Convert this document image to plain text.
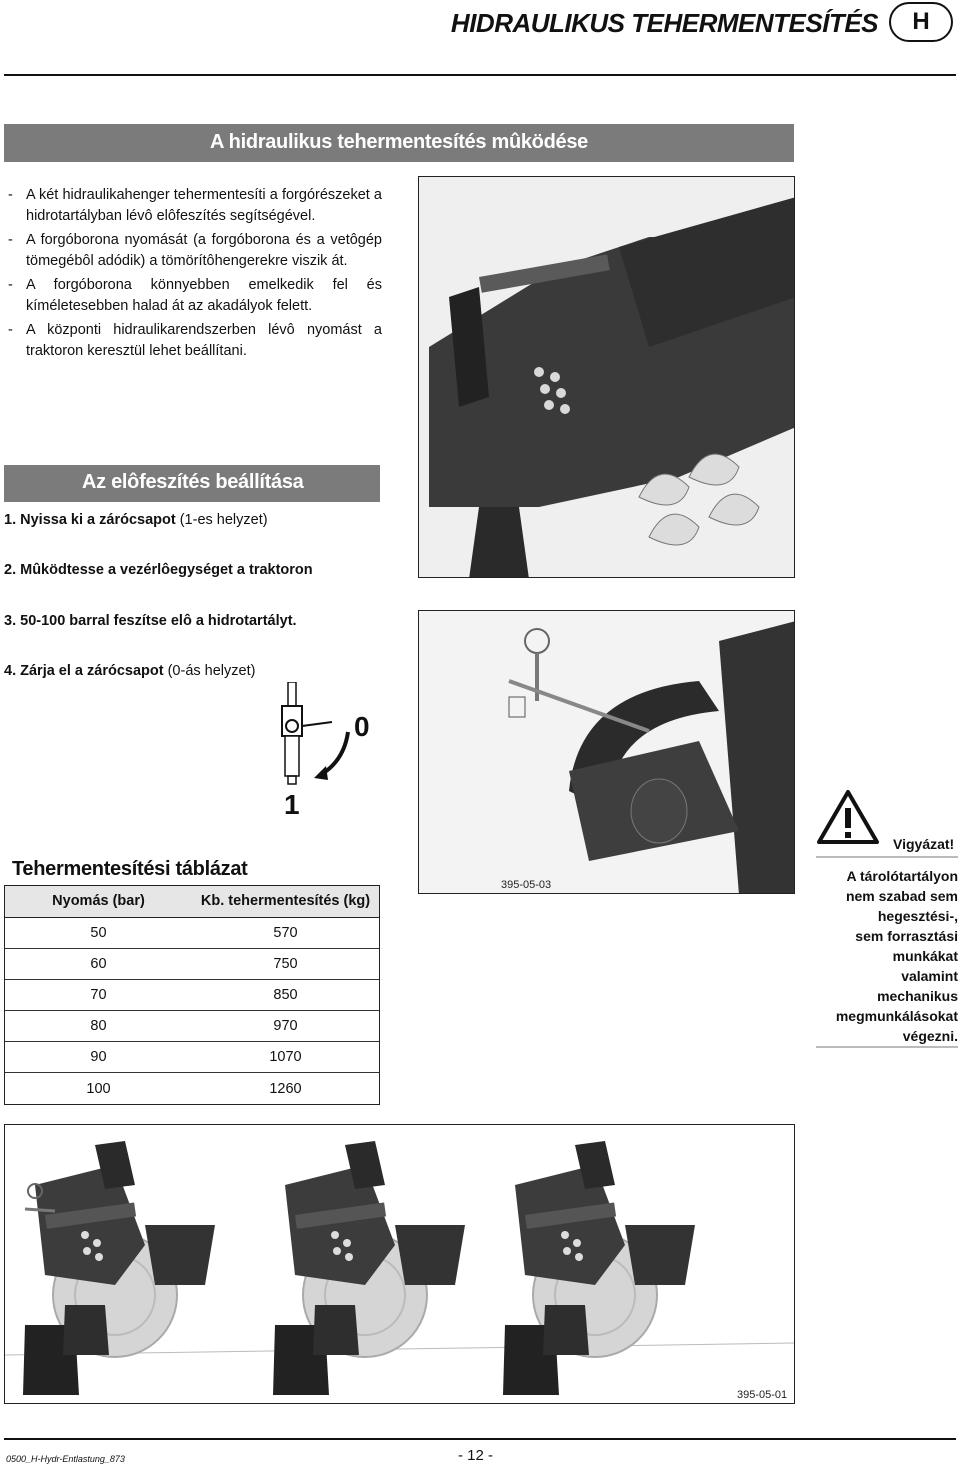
HIDRAULIKUS TEHERMENTESÍTÉS	H
A hidraulikus tehermentesítés mûködése
- A két hidraulikahenger tehermentesíti a forgórészeket a hidrotartályban lévô elôfeszítés segítségével.
- A forgóborona nyomását (a forgóborona és a vetôgép tömegébôl adódik) a tömörítôhengerekre viszik át.
- A forgóborona könnyebben emelkedik fel és kíméletesebben halad át az akadályok felett.
- A központi hidraulikarendszerben lévô nyomást a traktoron keresztül lehet beállítani.
Az elôfeszítés beállítása
1. Nyissa ki a zárócsapot (1-es helyzet)
2. Mûködtesse a vezérlôegységet a traktoron
3. 50-100 barral feszítse elô a hidrotartályt.
4. Zárja el a zárócsapot (0-ás helyzet)
0
1
395-05-03
Vigyázat!
A tárolótartályon
nem szabad sem
hegesztési-,
sem forrasztási
munkákat
valamint
mechanikus
megmunkálásokat
végezni.
Tehermentesítési táblázat
Nyomás (bar)	Kb. tehermentesítés (kg)
50	570
60	750
70	850
80	970
90	1070
100	1260
395-05-01
0500_H-Hydr-Entlastung_873	- 12 -
